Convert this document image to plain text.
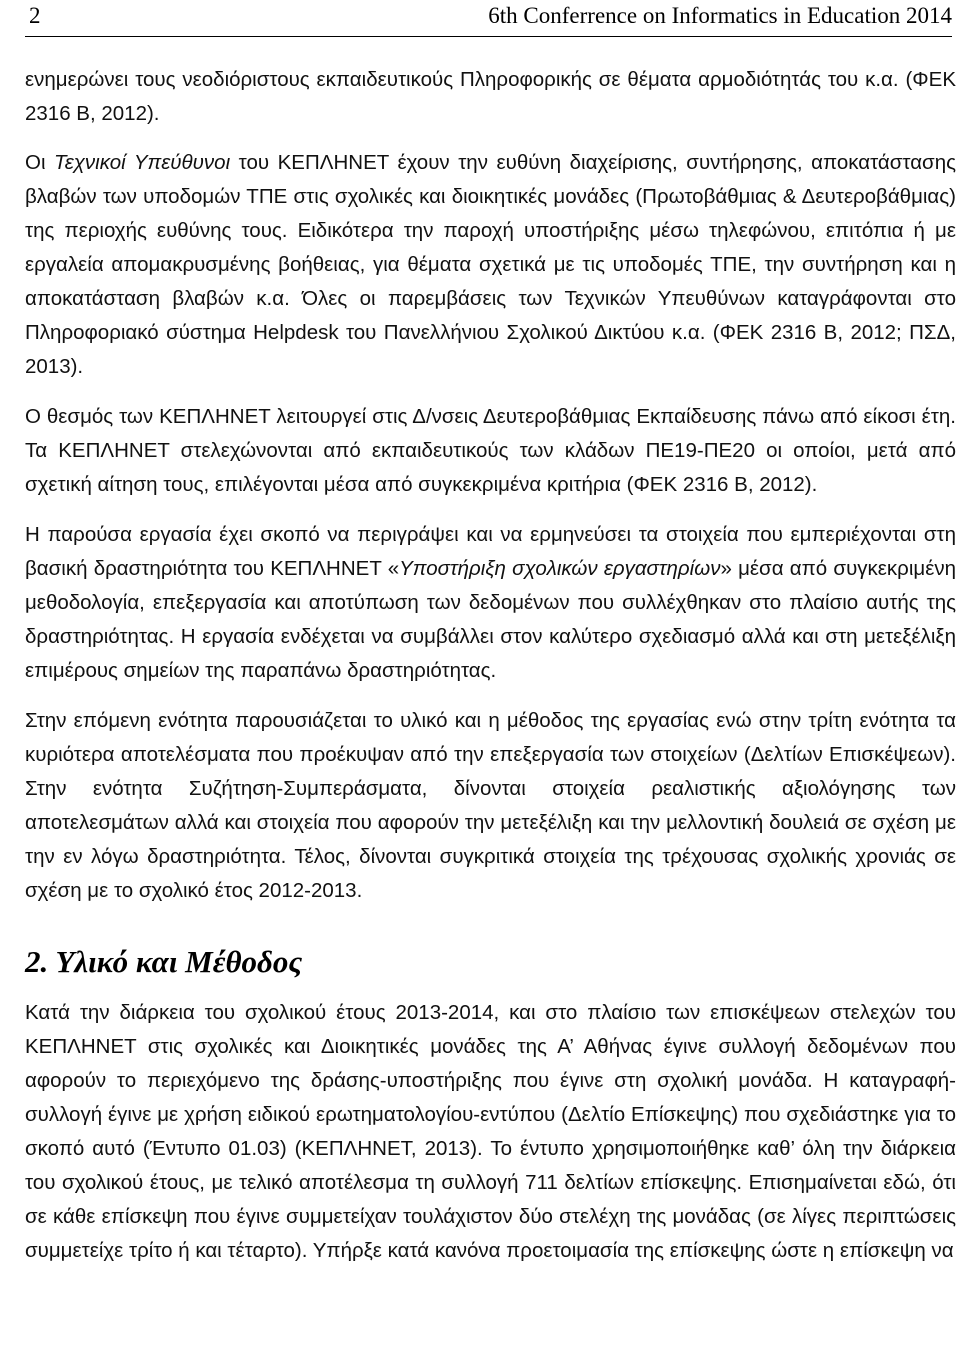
2	6th Conferrence on Informatics in Education 2014

ενημερώνει τους νεοδιόριστους εκπαιδευτικούς Πληροφορικής σε θέματα αρμοδιότητάς του κ.α. (ΦΕΚ 2316 Β, 2012).

Οι Τεχνικοί Υπεύθυνοι του ΚΕΠΛΗΝΕΤ έχουν την ευθύνη διαχείρισης, συντήρησης, αποκατάστασης βλαβών των υποδομών ΤΠΕ στις σχολικές και διοικητικές μονάδες (Πρωτοβάθμιας & Δευτεροβάθμιας) της περιοχής ευθύνης τους. Ειδικότερα την παροχή υποστήριξης μέσω τηλεφώνου, επιτόπια ή με εργαλεία απομακρυσμένης βοήθειας, για θέματα σχετικά με τις υποδομές ΤΠΕ, την συντήρηση και η αποκατάσταση βλαβών κ.α. Όλες οι παρεμβάσεις των Τεχνικών Υπευθύνων καταγράφονται στο Πληροφοριακό σύστημα Helpdesk του Πανελλήνιου Σχολικού Δικτύου κ.α. (ΦΕΚ 2316 Β, 2012; ΠΣΔ, 2013).

Ο θεσμός των ΚΕΠΛΗΝΕΤ λειτουργεί στις Δ/νσεις Δευτεροβάθμιας Εκπαίδευσης πάνω από είκοσι έτη. Τα ΚΕΠΛΗΝΕΤ στελεχώνονται από εκπαιδευτικούς των κλάδων ΠΕ19-ΠΕ20 οι οποίοι, μετά από σχετική αίτηση τους, επιλέγονται μέσα από συγκεκριμένα κριτήρια (ΦΕΚ 2316 Β, 2012).

Η παρούσα εργασία έχει σκοπό να περιγράψει και να ερμηνεύσει τα στοιχεία που εμπεριέχονται στη βασική δραστηριότητα του ΚΕΠΛΗΝΕΤ «Υποστήριξη σχολικών εργαστηρίων» μέσα από συγκεκριμένη μεθοδολογία, επεξεργασία και αποτύπωση των δεδομένων που συλλέχθηκαν στο πλαίσιο αυτής της δραστηριότητας. Η εργασία ενδέχεται να συμβάλλει στον καλύτερο σχεδιασμό αλλά και στη μετεξέλιξη επιμέρους σημείων της παραπάνω δραστηριότητας.

Στην επόμενη ενότητα παρουσιάζεται το υλικό και η μέθοδος της εργασίας ενώ στην τρίτη ενότητα τα κυριότερα αποτελέσματα που προέκυψαν από την επεξεργασία των στοιχείων (Δελτίων Επισκέψεων). Στην ενότητα Συζήτηση-Συμπεράσματα, δίνονται στοιχεία ρεαλιστικής αξιολόγησης των αποτελεσμάτων αλλά και στοιχεία που αφορούν την μετεξέλιξη και την μελλοντική δουλειά σε σχέση με την εν λόγω δραστηριότητα. Τέλος, δίνονται συγκριτικά στοιχεία της τρέχουσας σχολικής χρονιάς σε σχέση με το σχολικό έτος 2012-2013.

2. Υλικό και Μέθοδος

Κατά την διάρκεια του σχολικού έτους 2013-2014, και στο πλαίσιο των επισκέψεων στελεχών του ΚΕΠΛΗΝΕΤ στις σχολικές και Διοικητικές μονάδες της Α’ Αθήνας έγινε συλλογή δεδομένων που αφορούν το περιεχόμενο της δράσης-υποστήριξης που έγινε στη σχολική μονάδα. Η καταγραφή-συλλογή έγινε με χρήση ειδικού ερωτηματολογίου-εντύπου (Δελτίο Επίσκεψης) που σχεδιάστηκε για το σκοπό αυτό (Έντυπο 01.03) (ΚΕΠΛΗΝΕΤ, 2013). Το έντυπο χρησιμοποιήθηκε καθ’ όλη την διάρκεια του σχολικού έτους, με τελικό αποτέλεσμα τη συλλογή 711 δελτίων επίσκεψης. Επισημαίνεται εδώ, ότι σε κάθε επίσκεψη που έγινε συμμετείχαν τουλάχιστον δύο στελέχη της μονάδας (σε λίγες περιπτώσεις συμμετείχε τρίτο ή και τέταρτο). Υπήρξε κατά κανόνα προετοιμασία της επίσκεψης ώστε η επίσκεψη να
